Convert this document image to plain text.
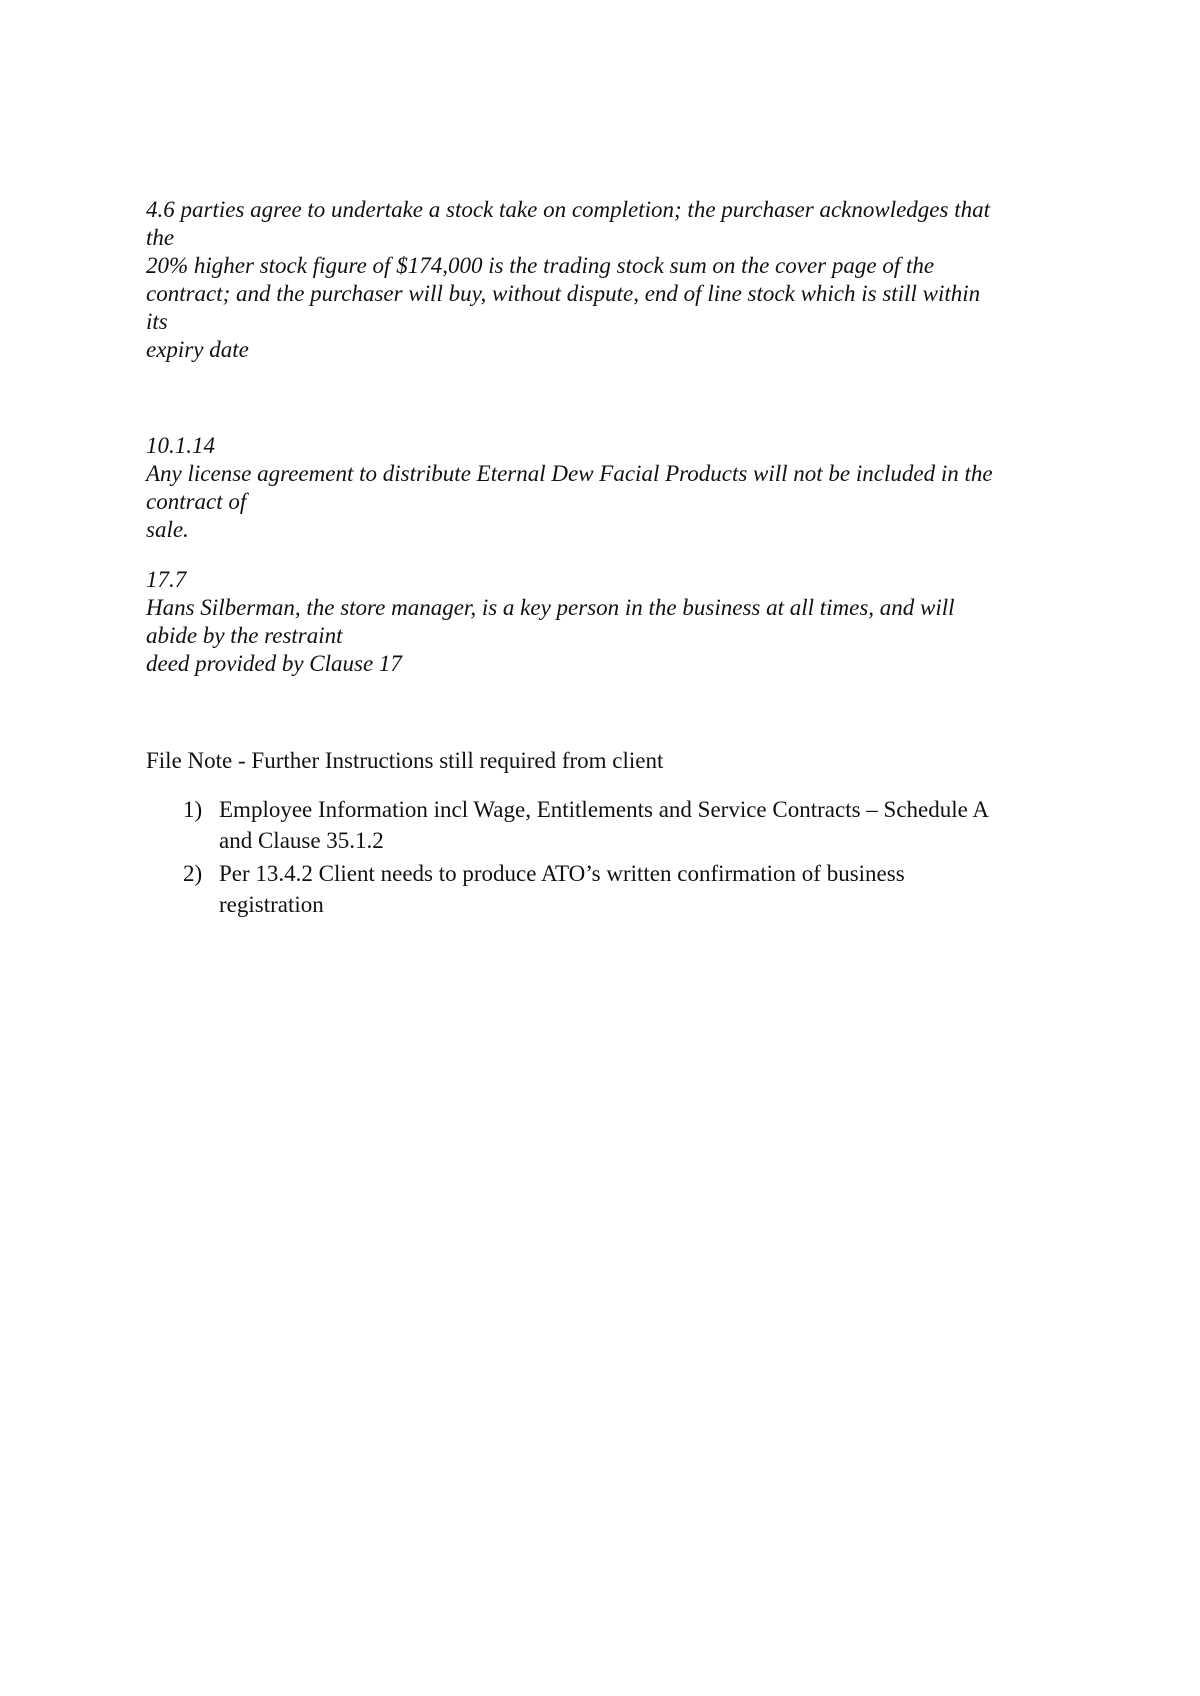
4.6 parties agree to undertake a stock take on completion; the purchaser acknowledges that
the
20% higher stock figure of $174,000 is the trading stock sum on the cover page of the
contract; and the purchaser will buy, without dispute, end of line stock which is still within
its
expiry date
10.1.14
Any license agreement to distribute Eternal Dew Facial Products will not be included in the
contract of
sale.
17.7
Hans Silberman, the store manager, is a key person in the business at all times, and will
abide by the restraint
deed provided by Clause 17
File Note - Further Instructions still required from client
1) Employee Information incl Wage, Entitlements and Service Contracts – Schedule A
and Clause 35.1.2
2) Per 13.4.2 Client needs to produce ATO’s written confirmation of business
registration
